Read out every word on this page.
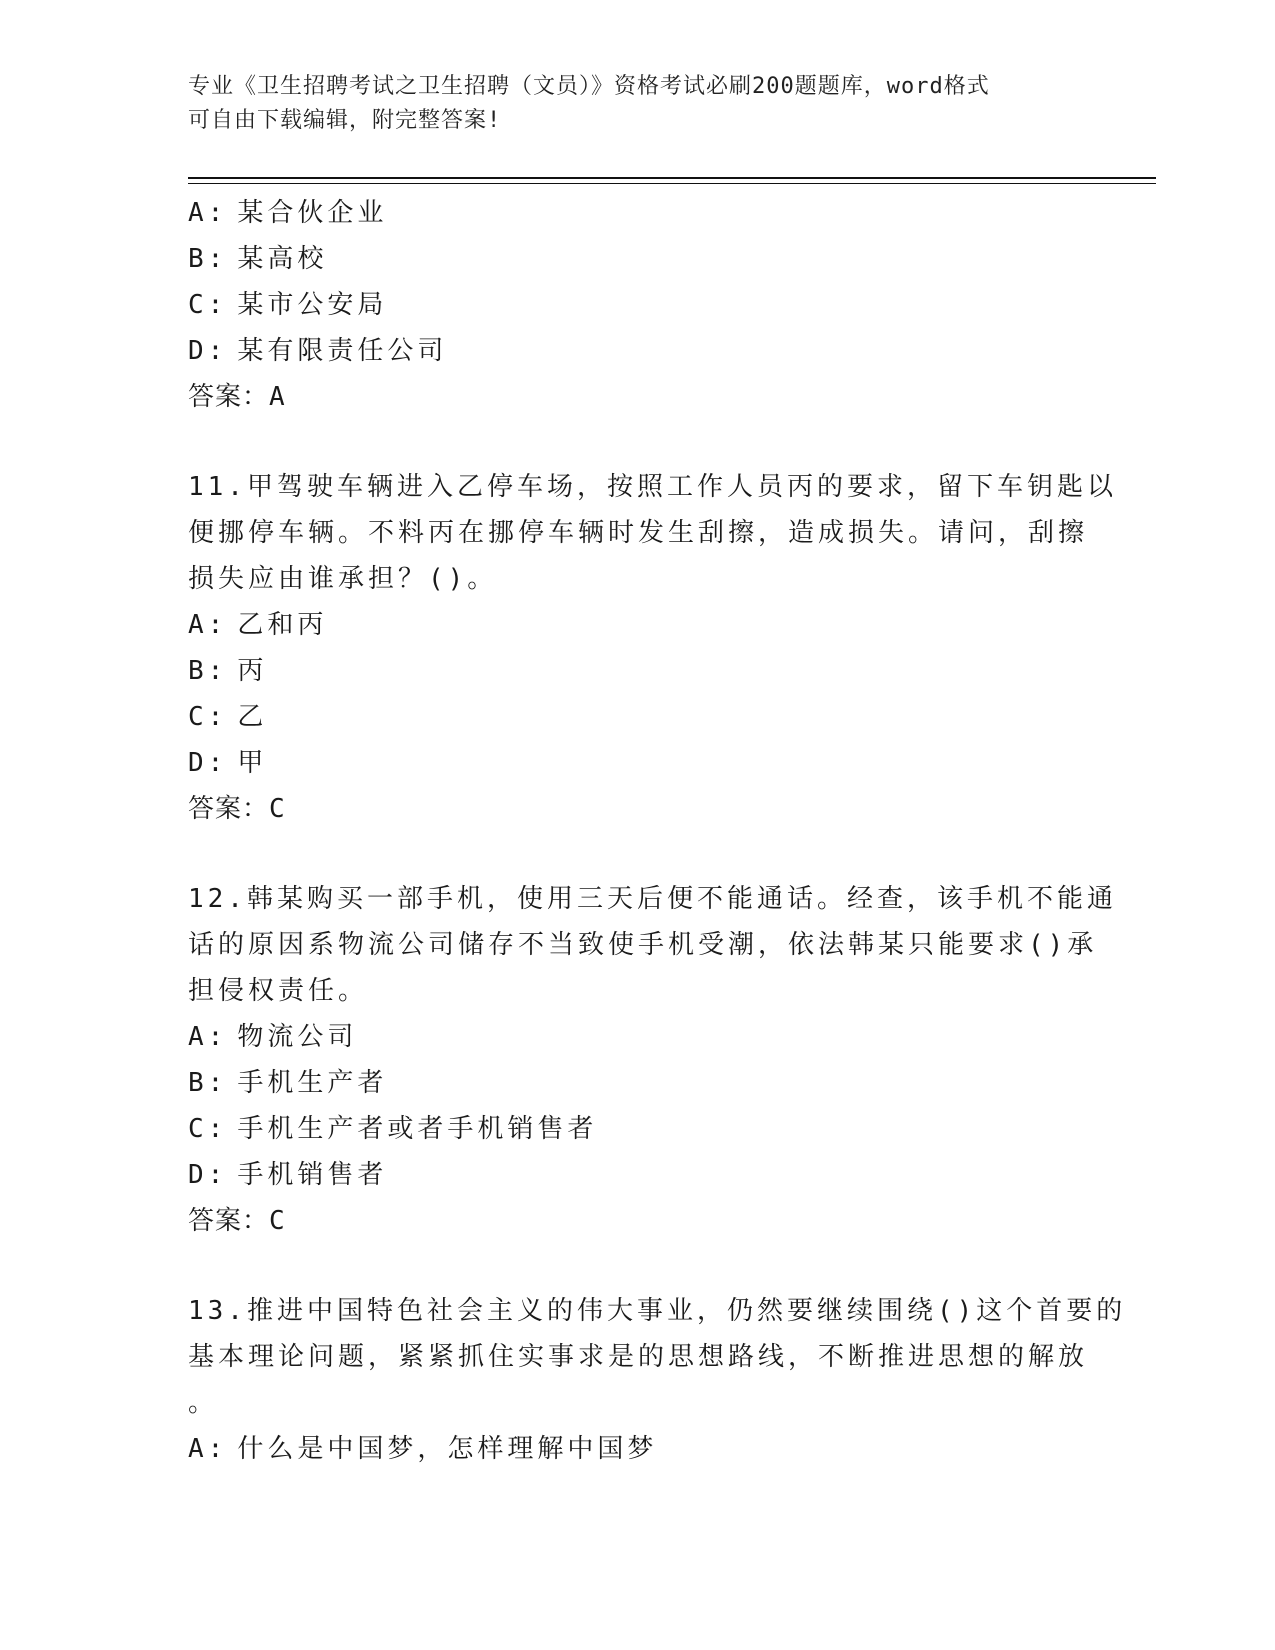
专业《卫生招聘考试之卫生招聘（文员）》资格考试必刷200题题库，word格式
可自由下载编辑，附完整答案!
A: 某合伙企业
B: 某高校
C: 某市公安局
D: 某有限责任公司
答案：A
11.甲驾驶车辆进入乙停车场，按照工作人员丙的要求，留下车钥匙以
便挪停车辆。不料丙在挪停车辆时发生刮擦，造成损失。请问，刮擦
损失应由谁承担？()。
A: 乙和丙
B: 丙
C: 乙
D: 甲
答案：C
12.韩某购买一部手机，使用三天后便不能通话。经查，该手机不能通
话的原因系物流公司储存不当致使手机受潮，依法韩某只能要求()承
担侵权责任。
A: 物流公司
B: 手机生产者
C: 手机生产者或者手机销售者
D: 手机销售者
答案：C
13.推进中国特色社会主义的伟大事业，仍然要继续围绕()这个首要的
基本理论问题，紧紧抓住实事求是的思想路线，不断推进思想的解放
。
A: 什么是中国梦，怎样理解中国梦
